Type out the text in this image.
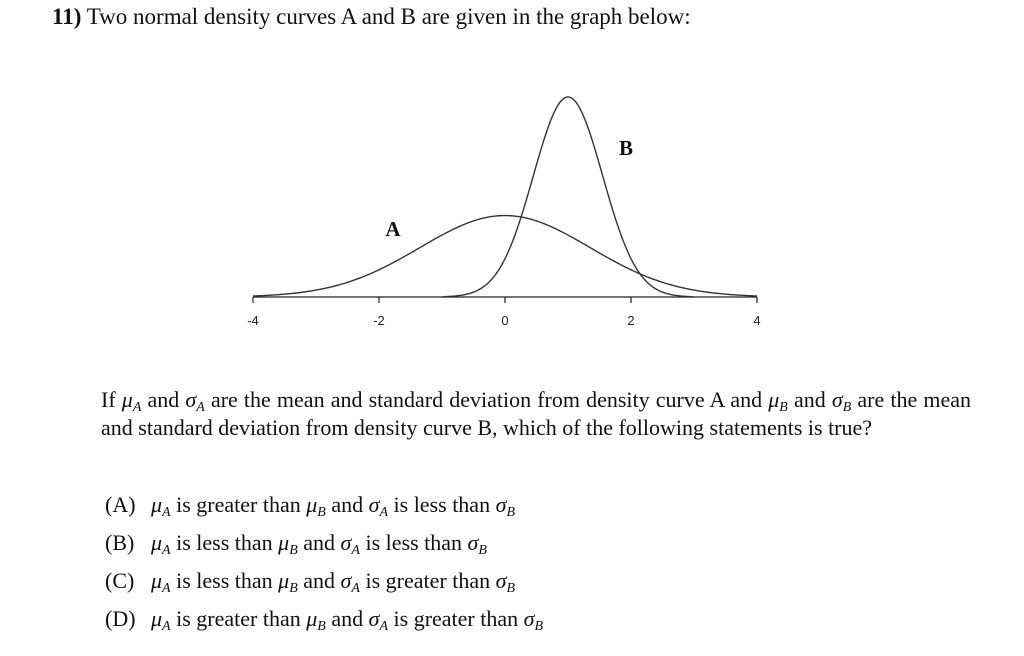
11) Two normal density curves A and B are given in the graph below:
-4	-2	0	2	4
A
B
If $\mu_A$ and $\sigma_A$ are the mean and standard deviation from density curve A and $\mu_B$ and $\sigma_B$ are the mean and standard deviation from density curve B, which of the following statements is true?
(A) $\mu_A$ is greater than $\mu_B$ and $\sigma_A$ is less than $\sigma_B$
(B) $\mu_A$ is less than $\mu_B$ and $\sigma_A$ is less than $\sigma_B$
(C) $\mu_A$ is less than $\mu_B$ and $\sigma_A$ is greater than $\sigma_B$
(D) $\mu_A$ is greater than $\mu_B$ and $\sigma_A$ is greater than $\sigma_B$
